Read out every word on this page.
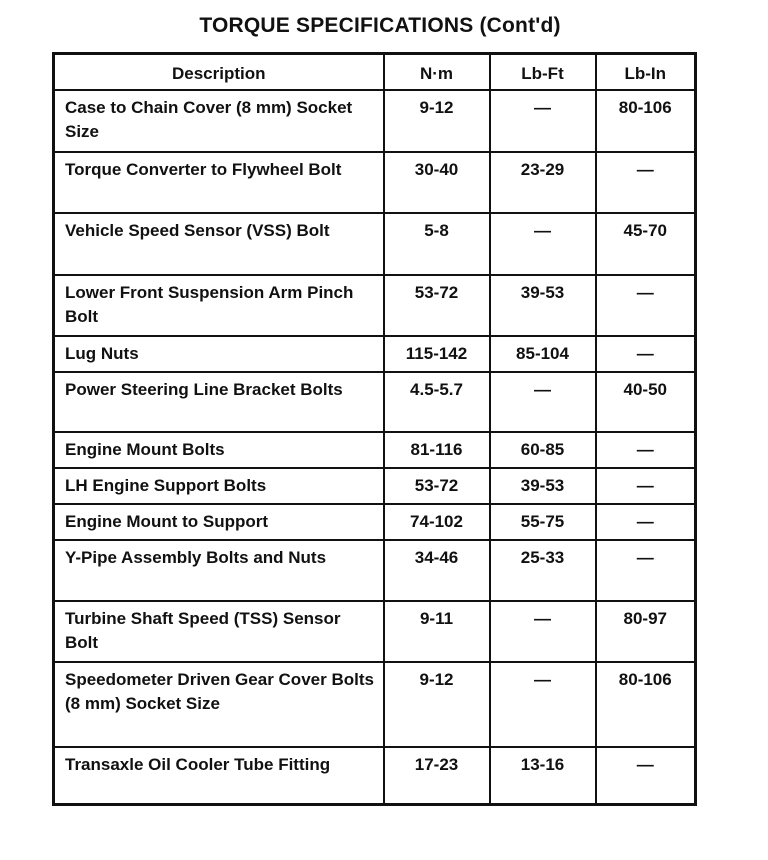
TORQUE SPECIFICATIONS (Cont'd)
Description	N·m	Lb-Ft	Lb-In
Case to Chain Cover (8 mm) Socket Size	9-12	—	80-106
Torque Converter to Flywheel Bolt	30-40	23-29	—
Vehicle Speed Sensor (VSS) Bolt	5-8	—	45-70
Lower Front Suspension Arm Pinch Bolt	53-72	39-53	—
Lug Nuts	115-142	85-104	—
Power Steering Line Bracket Bolts	4.5-5.7	—	40-50
Engine Mount Bolts	81-116	60-85	—
LH Engine Support Bolts	53-72	39-53	—
Engine Mount to Support	74-102	55-75	—
Y-Pipe Assembly Bolts and Nuts	34-46	25-33	—
Turbine Shaft Speed (TSS) Sensor Bolt	9-11	—	80-97
Speedometer Driven Gear Cover Bolts (8 mm) Socket Size	9-12	—	80-106
Transaxle Oil Cooler Tube Fitting	17-23	13-16	—
